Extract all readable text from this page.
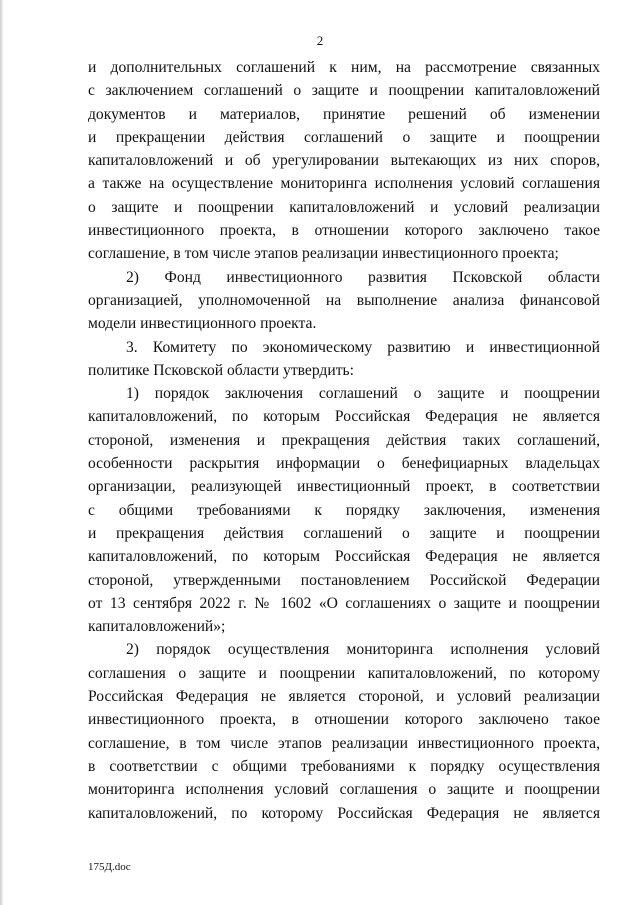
2
и дополнительных соглашений к ним, на рассмотрение связанных
с заключением соглашений о защите и поощрении капиталовложений
документов и материалов, принятие решений об изменении
и прекращении действия соглашений о защите и поощрении
капиталовложений и об урегулировании вытекающих из них споров,
а также на осуществление мониторинга исполнения условий соглашения
о защите и поощрении капиталовложений и условий реализации
инвестиционного проекта, в отношении которого заключено такое
соглашение, в том числе этапов реализации инвестиционного проекта;
2) Фонд инвестиционного развития Псковской области
организацией, уполномоченной на выполнение анализа финансовой
модели инвестиционного проекта.
3. Комитету по экономическому развитию и инвестиционной
политике Псковской области утвердить:
1) порядок заключения соглашений о защите и поощрении
капиталовложений, по которым Российская Федерация не является
стороной, изменения и прекращения действия таких соглашений,
особенности раскрытия информации о бенефициарных владельцах
организации, реализующей инвестиционный проект, в соответствии
с общими требованиями к порядку заключения, изменения
и прекращения действия соглашений о защите и поощрении
капиталовложений, по которым Российская Федерация не является
стороной, утвержденными постановлением Российской Федерации
от 13 сентября 2022 г. № 1602 «О соглашениях о защите и поощрении
капиталовложений»;
2) порядок осуществления мониторинга исполнения условий
соглашения о защите и поощрении капиталовложений, по которому
Российская Федерация не является стороной, и условий реализации
инвестиционного проекта, в отношении которого заключено такое
соглашение, в том числе этапов реализации инвестиционного проекта,
в соответствии с общими требованиями к порядку осуществления
мониторинга исполнения условий соглашения о защите и поощрении
капиталовложений, по которому Российская Федерация не является
175Д.doc
